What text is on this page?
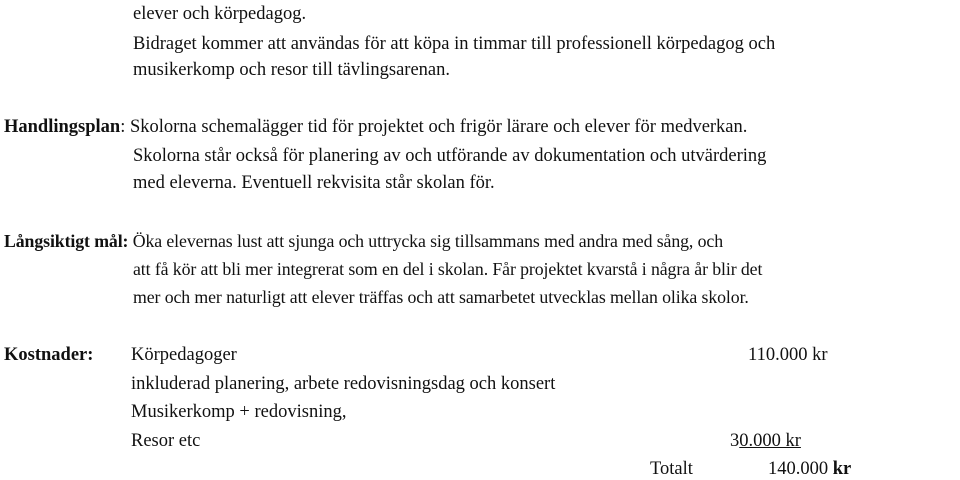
elever och körpedagog.
Bidraget kommer att användas för att köpa in timmar till professionell körpedagog och
musikerkomp och resor till tävlingsarenan.
Handlingsplan: Skolorna schemalägger tid för projektet och frigör lärare och elever för medverkan.
Skolorna står också för planering av och utförande av dokumentation och utvärdering
med eleverna. Eventuell rekvisita står skolan för.
Långsiktigt mål: Öka elevernas lust att sjunga och uttrycka sig tillsammans med andra med sång, och
att få kör att bli mer integrerat som en del i skolan. Får projektet kvarstå i några år blir det
mer och mer naturligt att elever träffas och att samarbetet utvecklas mellan olika skolor.
Kostnader: Körpedagoger	110.000 kr
inkluderad planering, arbete redovisningsdag och konsert
Musikerkomp + redovisning,
Resor etc	30.000 kr
Totalt	140.000 kr
